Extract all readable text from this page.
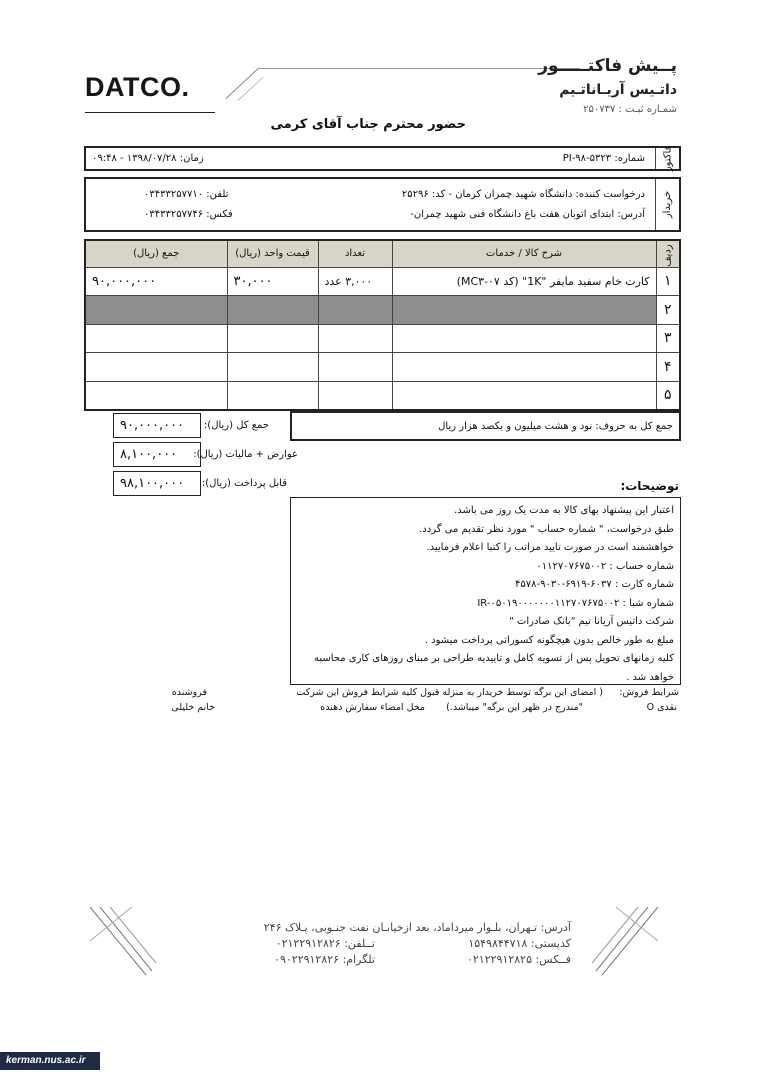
DATCO.
پــیش فاکتـــــور
داتـیس آریـاناتـیم
شمـاره ثبـت : ۲۵۰۷۳۷
حضور محترم جناب آقای کرمی
فاکتور
شماره: PI-۹۸-۵۳۲۳
زمان: ۱۳۹۸/۰۷/۲۸ - ۰۹:۴۸
خریدار
درخواست کننده: دانشگاه شهید چمران کرمان - کد: ۲۵۲۹۶
آدرس: ابتدای اتوبان هفت باغ دانشگاه فنی شهید چمران-
تلفن: ۰۳۴۳۳۲۵۷۷۱۰
فکس: ۰۳۴۳۳۲۵۷۷۴۶
ردیف	شرح کالا / خدمات	تعداد	قیمت واحد (ریال)	جمع (ریال)
۱	کارت خام سفید مایفر "1K" (کد MC۳-۰۷)	۳,۰۰۰ عدد	۳۰,۰۰۰	۹۰,۰۰۰,۰۰۰
۲				
۳				
۴				
۵				
جمع کل به حروف: نود و هشت میلیون و یکصد هزار ریال
۹۰,۰۰۰,۰۰۰	جمع کل (ریال):
۸,۱۰۰,۰۰۰	عوارض + مالیات (ریال):
۹۸,۱۰۰,۰۰۰	قابل پرداخت (ریال):	توضیحات:
اعتبار این پیشنهاد بهای کالا به مدت یک روز می باشد.
طبق درخواست، " شماره حساب " مورد نظر تقدیم می گردد.
خواهشمند است در صورت تایید مراتب را کتبا اعلام فرمایید.
شماره حساب : ۰۱۱۲۷۰۷۶۷۵۰۰۲
شماره کارت : ۶۰۳۷-۶۹۱۹-۹۰۳۰-۴۵۷۸
شماره شبا : IR-۰۵۰۱۹۰۰۰۰۰۰۰۱۱۲۷۰۷۶۷۵۰۰۲
شرکت داتیس آریانا تیم "بانک صادرات "
مبلغ به طور خالص بدون هیچگونه کسوراتی پرداخت میشود .
کلیه زمانهای تحویل پس از تسویه کامل و تاییدیه طراحی بر مبنای روزهای کاری محاسبه
خواهد شد .
شرایط فروش:
O نقدی
( امضای این برگه توسط خریدار به منزله قبول کلیه شرایط فروش این شرکت
"مندرج در ظهر این برگه" میباشد.)
محل امضاء سفارش دهنده
فروشنده
خانم خلیلی
آدرس: تـهران، بلـوار میرداماد، بعد ازخیابـان نفت جنـوبی، پـلاک ۲۴۶
کدپستی: ۱۵۴۹۸۴۴۷۱۸
فــکس: ۰۲۱۲۲۹۱۲۸۲۵
تــلفن: ۰۲۱۲۲۹۱۲۸۲۶
تلگرام: ۰۹۰۲۲۹۱۲۸۲۶
kerman.nus.ac.ir
